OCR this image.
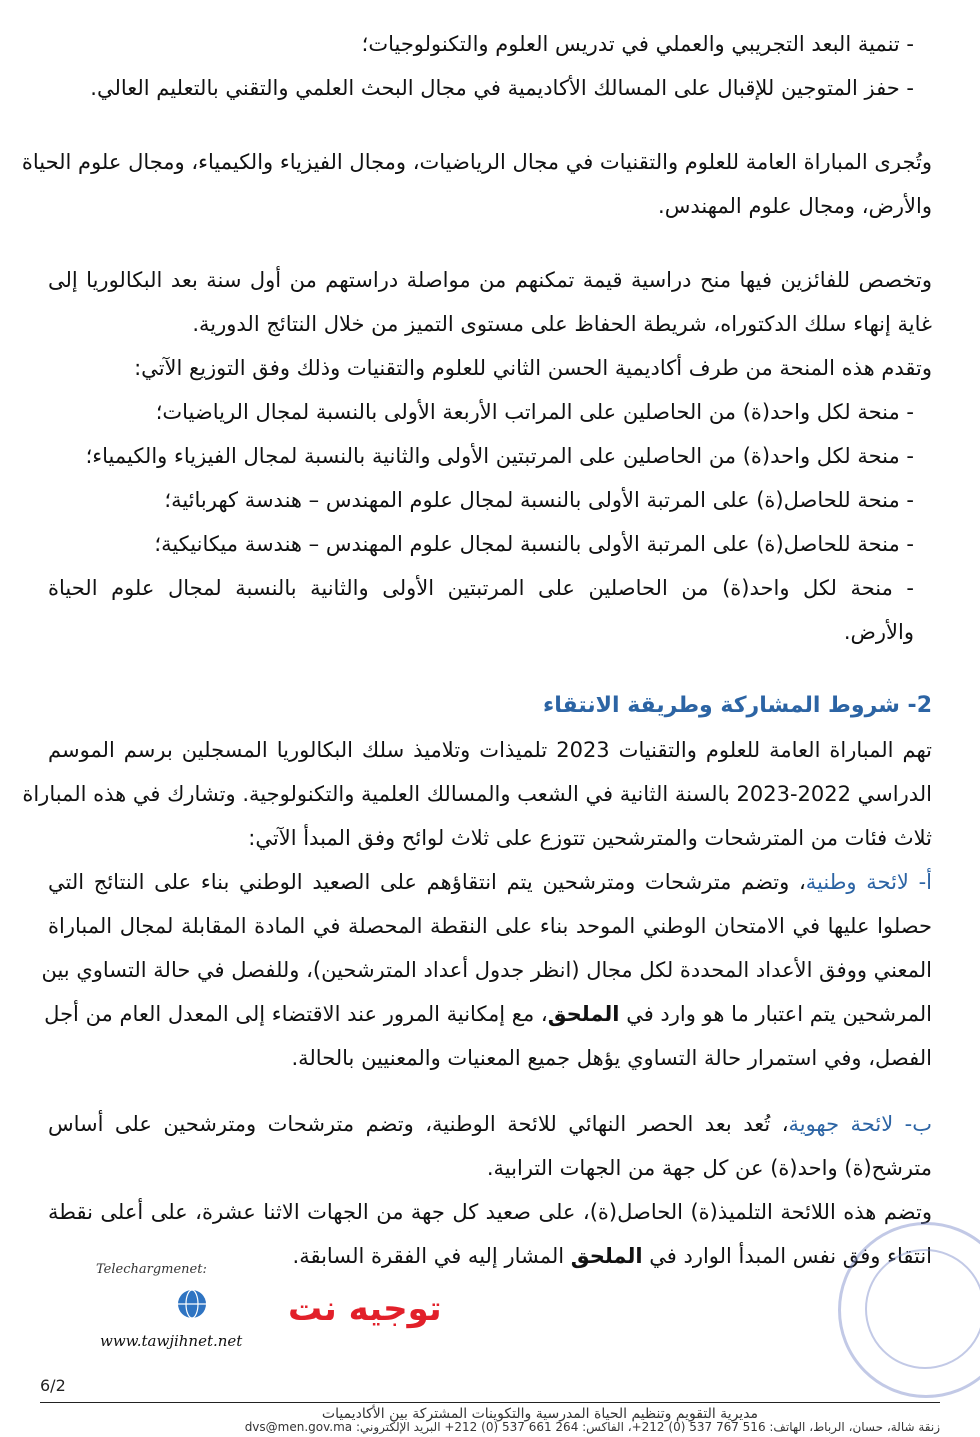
- تنمية البعد التجريبي والعملي في تدريس العلوم والتكنولوجيات؛
- حفز المتوجين للإقبال على المسالك الأكاديمية في مجال البحث العلمي والتقني بالتعليم العالي.
وتُجرى المباراة العامة للعلوم والتقنيات في مجال الرياضيات، ومجال الفيزياء والكيمياء، ومجال علوم الحياة
والأرض، ومجال علوم المهندس.
وتخصص للفائزين فيها منح دراسية قيمة تمكنهم من مواصلة دراستهم من أول سنة بعد البكالوريا إلى
غاية إنهاء سلك الدكتوراه، شريطة الحفاظ على مستوى التميز من خلال النتائج الدورية.
وتقدم هذه المنحة من طرف أكاديمية الحسن الثاني للعلوم والتقنيات وذلك وفق التوزيع الآتي:
- منحة لكل واحد(ة) من الحاصلين على المراتب الأربعة الأولى بالنسبة لمجال الرياضيات؛
- منحة لكل واحد(ة) من الحاصلين على المرتبتين الأولى والثانية بالنسبة لمجال الفيزياء والكيمياء؛
- منحة للحاصل(ة) على المرتبة الأولى بالنسبة لمجال علوم المهندس – هندسة كهربائية؛
- منحة للحاصل(ة) على المرتبة الأولى بالنسبة لمجال علوم المهندس – هندسة ميكانيكية؛
- منحة لكل واحد(ة) من الحاصلين على المرتبتين الأولى والثانية بالنسبة لمجال علوم الحياة
والأرض.
2- شروط المشاركة وطريقة الانتقاء
تهم المباراة العامة للعلوم والتقنيات 2023 تلميذات وتلاميذ سلك البكالوريا المسجلين برسم الموسم
الدراسي 2022-2023 بالسنة الثانية في الشعب والمسالك العلمية والتكنولوجية. وتشارك في هذه المباراة
ثلاث فئات من المترشحات والمترشحين تتوزع على ثلاث لوائح وفق المبدأ الآتي:
أ- لائحة وطنية، وتضم مترشحات ومترشحين يتم انتقاؤهم على الصعيد الوطني بناء على النتائج التي
حصلوا عليها في الامتحان الوطني الموحد بناء على النقطة المحصلة في المادة المقابلة لمجال المباراة
المعني ووفق الأعداد المحددة لكل مجال (انظر جدول أعداد المترشحين)، وللفصل في حالة التساوي بين
المرشحين يتم اعتبار ما هو وارد في الملحق، مع إمكانية المرور عند الاقتضاء إلى المعدل العام من أجل
الفصل، وفي استمرار حالة التساوي يؤهل جميع المعنيات والمعنيين بالحالة.
ب- لائحة جهوية، تُعد بعد الحصر النهائي للائحة الوطنية، وتضم مترشحات ومترشحين على أساس
مترشح(ة) واحد(ة) عن كل جهة من الجهات الترابية.
وتضم هذه اللائحة التلميذ(ة) الحاصل(ة)، على صعيد كل جهة من الجهات الاثنا عشرة، على أعلى نقطة
انتقاء وفق نفس المبدأ الوارد في الملحق المشار إليه في الفقرة السابقة.
Telechargmenet:
توجيه نت
www.tawjihnet.net
6/2
مديرية التقويم وتنظيم الحياة المدرسية والتكوينات المشتركة بين الأكاديميات
زنقة شالة، حسان، الرباط، الهاتف: 516 767 537 (0) 212+، الفاكس: 264 661 537 (0) 212+ البريد الإلكتروني: dvs@men.gov.ma
